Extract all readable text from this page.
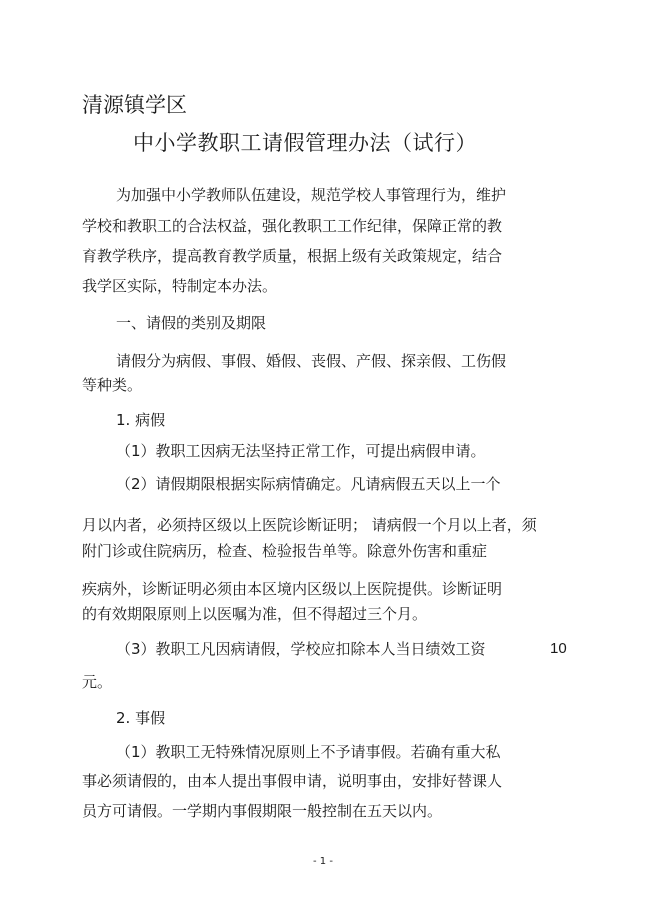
清源镇学区
中小学教职工请假管理办法（试行）
为加强中小学教师队伍建设，规范学校人事管理行为，维护
学校和教职工的合法权益，强化教职工工作纪律，保障正常的教
育教学秩序，提高教育教学质量，根据上级有关政策规定，结合
我学区实际，特制定本办法。
一、请假的类别及期限
请假分为病假、事假、婚假、丧假、产假、探亲假、工伤假
等种类。
1. 病假
（1）教职工因病无法坚持正常工作，可提出病假申请。
（2）请假期限根据实际病情确定。凡请病假五天以上一个
月以内者，必须持区级以上医院诊断证明； 请病假一个月以上者，须
附门诊或住院病历，检查、检验报告单等。除意外伤害和重症
疾病外，诊断证明必须由本区境内区级以上医院提供。诊断证明
的有效期限原则上以医嘱为准，但不得超过三个月。
（3）教职工凡因病请假，学校应扣除本人当日绩效工资	10
元。
2. 事假
（1）教职工无特殊情况原则上不予请事假。若确有重大私
事必须请假的，由本人提出事假申请，说明事由，安排好替课人
员方可请假。一学期内事假期限一般控制在五天以内。
- 1 -
